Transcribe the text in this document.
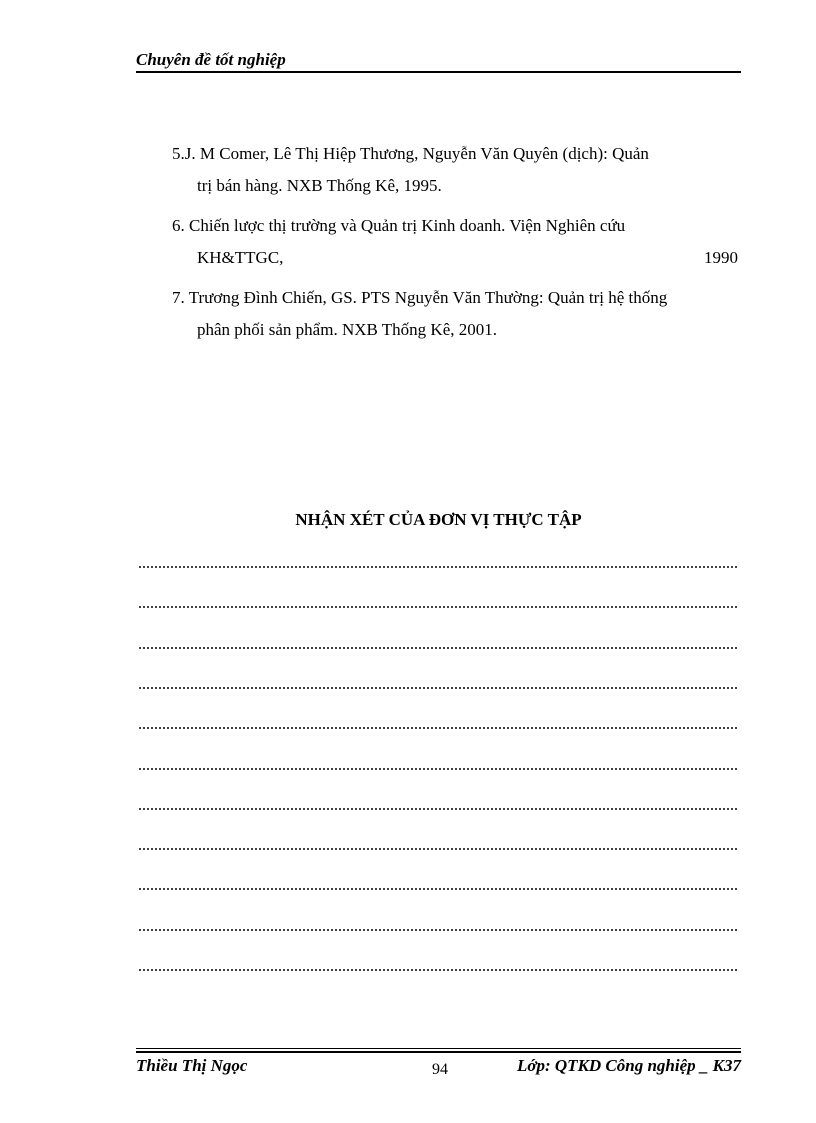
Chuyên đề tốt nghiệp
5.J. M Comer, Lê Thị Hiệp Thương, Nguyễn Văn Quyên (dịch): Quản
trị bán hàng. NXB Thống Kê, 1995.
6. Chiến lược thị trường và Quản trị Kinh doanh. Viện Nghiên cứu
KH&TTGC,	1990
7. Trương Đình Chiến, GS. PTS Nguyễn Văn Thường: Quản trị hệ thống
phân phối sản phẩm. NXB Thống Kê, 2001.
NHẬN XÉT CỦA ĐƠN VỊ THỰC TẬP
Thiều Thị Ngọc	94	Lớp: QTKD Công nghiệp _ K37
